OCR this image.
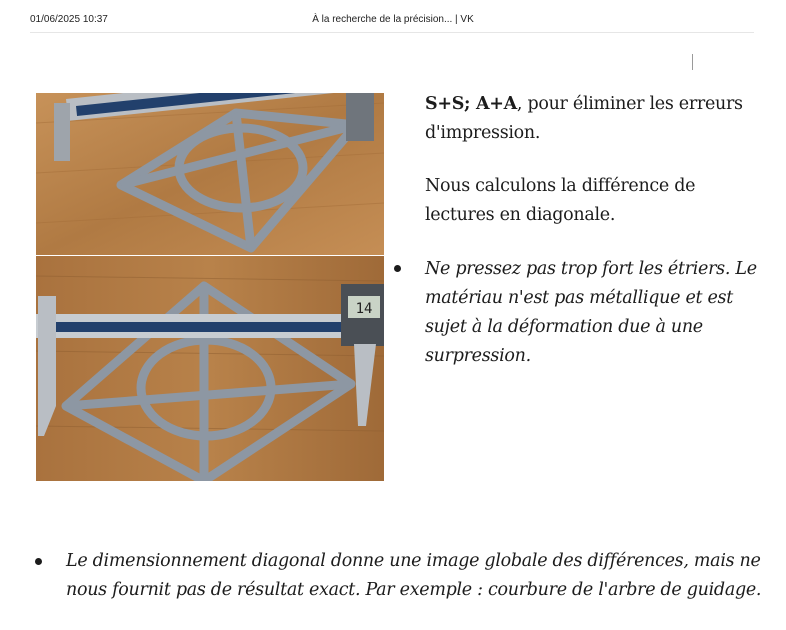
01/06/2025 10:37	À la recherche de la précision... | VK
14
S+S; A+A, pour éliminer les erreurs d'impression.
Nous calculons la différence de lectures en diagonale.
Ne pressez pas trop fort les étriers. Le matériau n'est pas métallique et est sujet à la déformation due à une surpression.
Le dimensionnement diagonal donne une image globale des différences, mais ne nous fournit pas de résultat exact. Par exemple : courbure de l'arbre de guidage.
